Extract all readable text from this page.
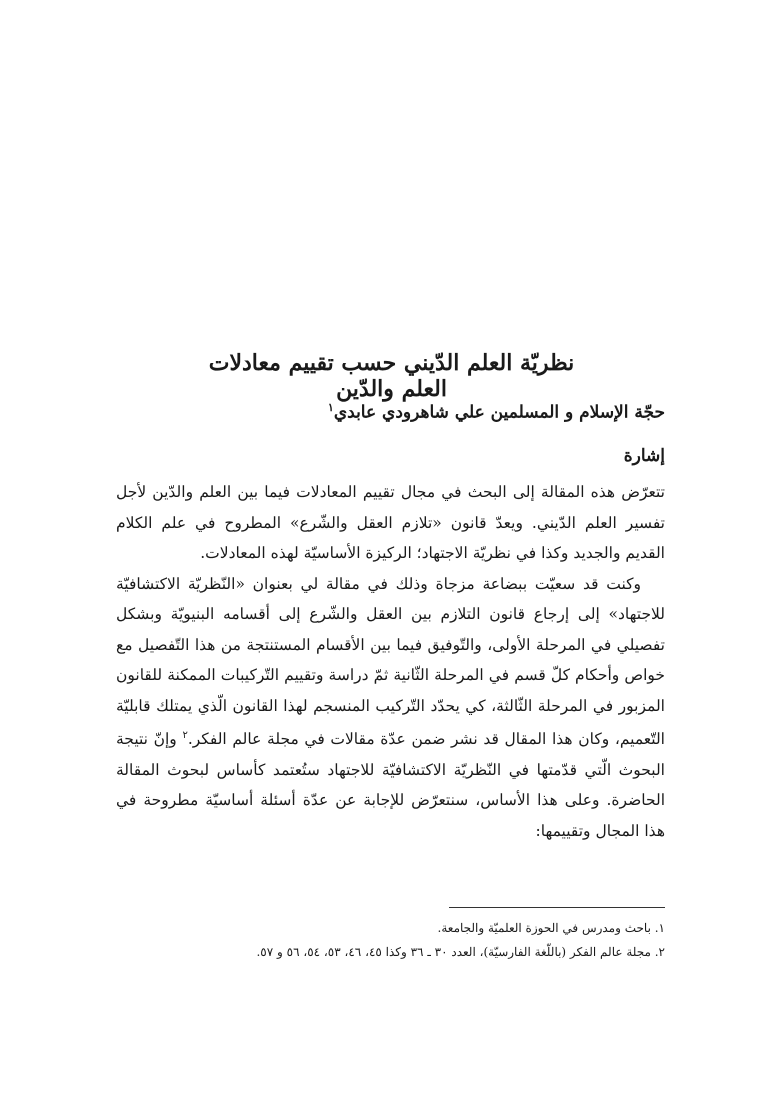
نظريّة العلم الدّيني حسب تقييم معادلات العلم والدّين
حجّة الإسلام و المسلمين علي شاهرودي عابدي$^١$
إشارة

تتعرّض هذه المقالة إلى البحث في مجال تقييم المعادلات فيما بين العلم والدّين لأجل تفسير العلم الدّيني. ويعدّ قانون «تلازم العقل والشّرع» المطروح في علم الكلام القديم والجديد وكذا في نظريّة الاجتهاد؛ الركيزة الأساسيّة لهذه المعادلات.

وكنت قد سعيّت ببضاعة مزجاة وذلك في مقالة لي بعنوان «النّظريّة الاكتشافيّة للاجتهاد» إلى إرجاع قانون التلازم بين العقل والشّرع إلى أقسامه البنيويّة وبشكل تفصيلي في المرحلة الأولى، والتّوفيق فيما بين الأقسام المستنتجة من هذا التّفصيل مع خواص وأحكام كلّ قسم في المرحلة الثّانية ثمّ دراسة وتقييم التّركيبات الممكنة للقانون المزبور في المرحلة الثّالثة، كي يحدّد التّركيب المنسجم لهذا القانون الّذي يمتلك قابليّة التّعميم، وكان هذا المقال قد نشر ضمن عدّة مقالات في مجلة عالم الفكر.$^٢$ وإنّ نتيجة البحوث الّتي قدّمتها في النّظريّة الاكتشافيّة للاجتهاد ستُعتمد كأساس لبحوث المقالة الحاضرة. وعلى هذا الأساس، سنتعرّض للإجابة عن عدّة أسئلة أساسيّة مطروحة في هذا المجال وتقييمها:

١. باحث ومدرس في الحوزة العلميّة والجامعة.

٢. مجلة عالم الفكر (باللّغة الفارسيّة)، العدد ٣٠ ـ ٣٦ وكذا ٤٥، ٤٦، ٥٣، ٥٤، ٥٦ و ٥٧.
